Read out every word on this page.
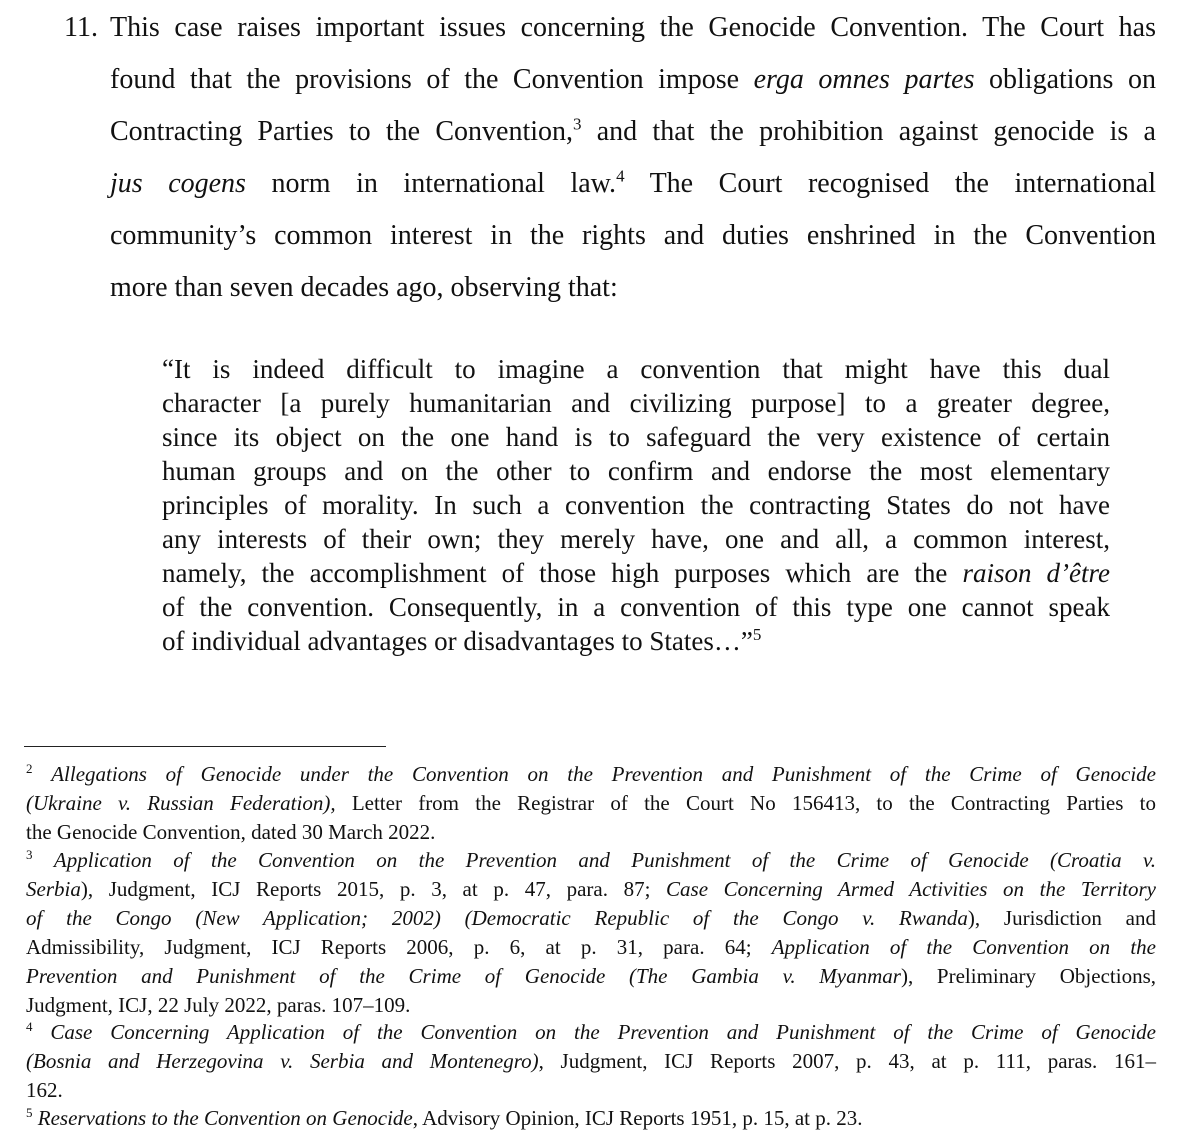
11. This case raises important issues concerning the Genocide Convention. The Court has
found that the provisions of the Convention impose erga omnes partes obligations on
Contracting Parties to the Convention,$^3$ and that the prohibition against genocide is a
jus cogens norm in international law.$^4$ The Court recognised the international
community’s common interest in the rights and duties enshrined in the Convention
more than seven decades ago, observing that:
“It is indeed difficult to imagine a convention that might have this dual
character [a purely humanitarian and civilizing purpose] to a greater degree,
since its object on the one hand is to safeguard the very existence of certain
human groups and on the other to confirm and endorse the most elementary
principles of morality. In such a convention the contracting States do not have
any interests of their own; they merely have, one and all, a common interest,
namely, the accomplishment of those high purposes which are the raison d’être
of the convention. Consequently, in a convention of this type one cannot speak
of individual advantages or disadvantages to States…”$^5$
$^2$ Allegations of Genocide under the Convention on the Prevention and Punishment of the Crime of Genocide
(Ukraine v. Russian Federation), Letter from the Registrar of the Court No 156413, to the Contracting Parties to
the Genocide Convention, dated 30 March 2022.
$^3$ Application of the Convention on the Prevention and Punishment of the Crime of Genocide (Croatia v.
Serbia), Judgment, ICJ Reports 2015, p. 3, at p. 47, para. 87; Case Concerning Armed Activities on the Territory
of the Congo (New Application; 2002) (Democratic Republic of the Congo v. Rwanda), Jurisdiction and
Admissibility, Judgment, ICJ Reports 2006, p. 6, at p. 31, para. 64; Application of the Convention on the
Prevention and Punishment of the Crime of Genocide (The Gambia v. Myanmar), Preliminary Objections,
Judgment, ICJ, 22 July 2022, paras. 107–109.
$^4$ Case Concerning Application of the Convention on the Prevention and Punishment of the Crime of Genocide
(Bosnia and Herzegovina v. Serbia and Montenegro), Judgment, ICJ Reports 2007, p. 43, at p. 111, paras. 161–
162.
$^5$ Reservations to the Convention on Genocide, Advisory Opinion, ICJ Reports 1951, p. 15, at p. 23.
